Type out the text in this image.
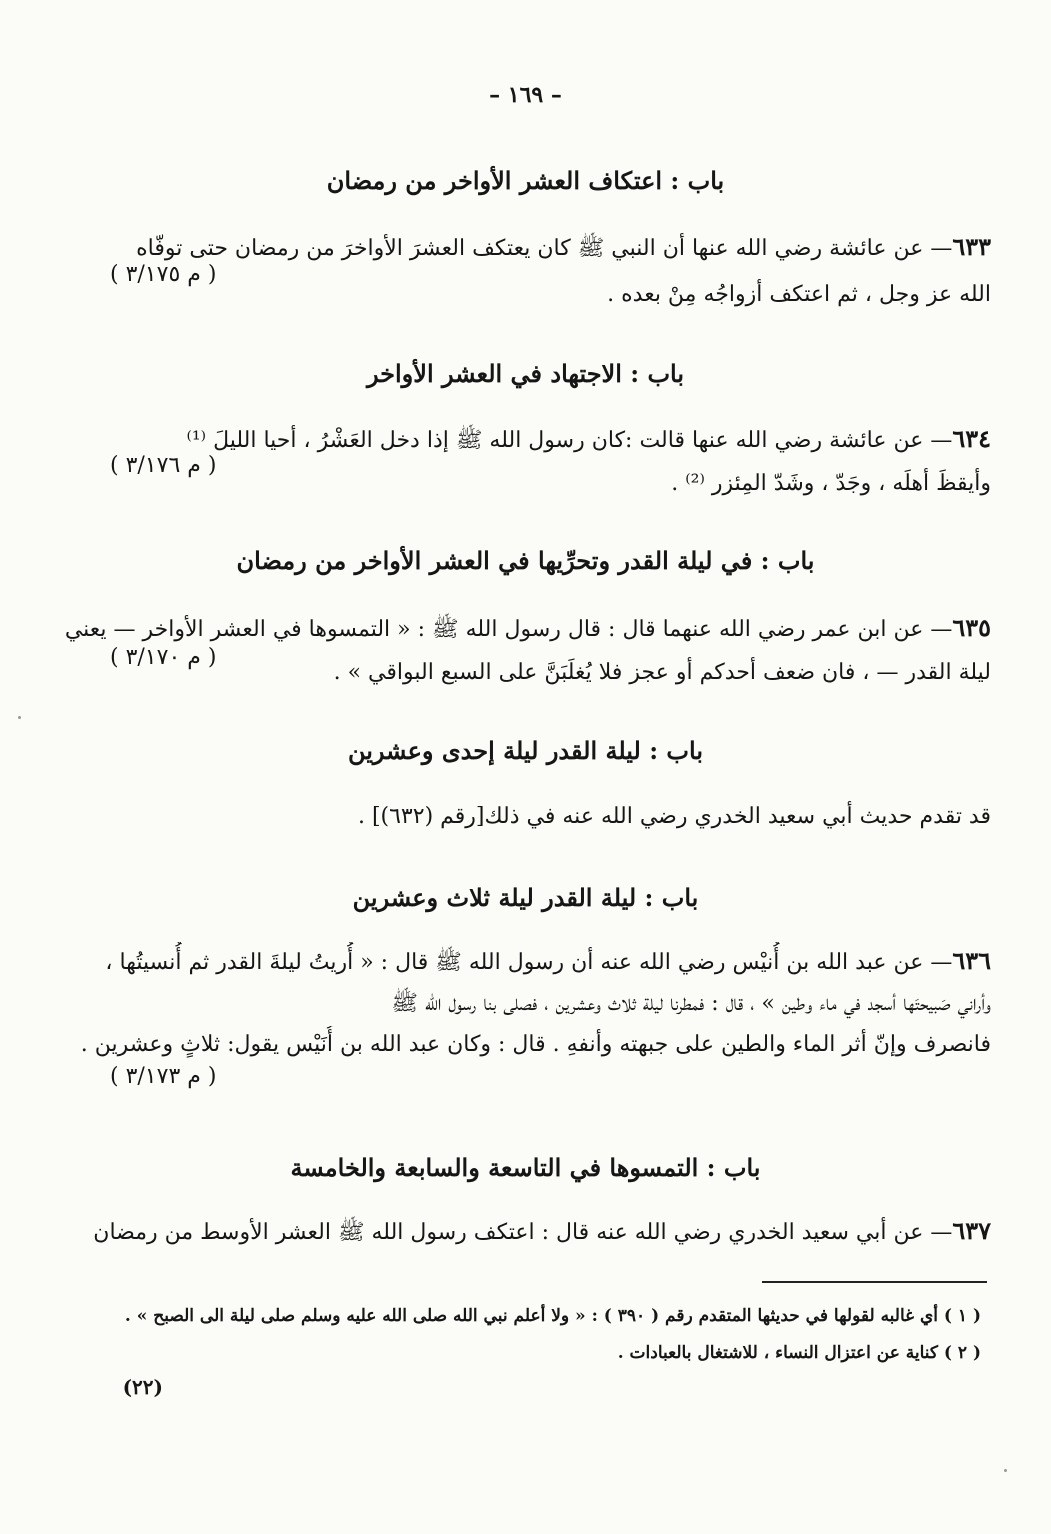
– ١٦٩ –
باب : اعتكاف العشر الأواخر من رمضان
٦٣٣— عن عائشة رضي الله عنها أن النبي ﷺ كان يعتكف العشرَ الأواخرَ من رمضان حتى توفّاه
الله عز وجل ، ثم اعتكف أزواجُه مِنْ بعده .
( م ٣/١٧٥ )
باب : الاجتهاد في العشر الأواخر
٦٣٤— عن عائشة رضي الله عنها قالت :كان رسول الله ﷺ إذا دخل العَشْرُ ، أحيا الليلَ ⁽¹⁾
وأيقظَ أهلَه ، وجَدّ ، وشَدّ المِئزر ⁽²⁾ .
( م ٣/١٧٦ )
باب : في ليلة القدر وتحرِّيها في العشر الأواخر من رمضان
٦٣٥— عن ابن عمر رضي الله عنهما قال : قال رسول الله ﷺ : « التمسوها في العشر الأواخر — يعني
ليلة القدر — ، فان ضعف أحدكم أو عجز فلا يُغلَبَنَّ على السبع البواقي » .
( م ٣/١٧٠ )
باب : ليلة القدر ليلة إحدى وعشرين
قد تقدم حديث أبي سعيد الخدري رضي الله عنه في ذلك[رقم (٦٣٢)] .
باب : ليلة القدر ليلة ثلاث وعشرين
٦٣٦— عن عبد الله بن أُنيْس رضي الله عنه أن رسول الله ﷺ قال : « أُريتُ ليلةَ القدر ثم أُنسيتُها ،
وأراني صَبيحتَها أسجد في ماء وطين » ، قال : فمطرنا ليلة ثلاث وعشرين ، فصلى بنا رسول الله ﷺ
فانصرف وإنّ أثر الماء والطين على جبهته وأنفهِ . قال : وكان عبد الله بن أُنَيْس يقول: ثلاثٍ وعشرين .
( م ٣/١٧٣ )
باب : التمسوها في التاسعة والسابعة والخامسة
٦٣٧— عن أبي سعيد الخدري رضي الله عنه قال : اعتكف رسول الله ﷺ العشر الأوسط من رمضان
( ١ ) أي غالبه لقولها في حديثها المتقدم رقم ( ٣٩٠ ) : « ولا أعلم نبي الله صلى الله عليه وسلم صلى ليلة الى الصبح » .
( ٢ ) كناية عن اعتزال النساء ، للاشتغال بالعبادات .
(٢٢)
